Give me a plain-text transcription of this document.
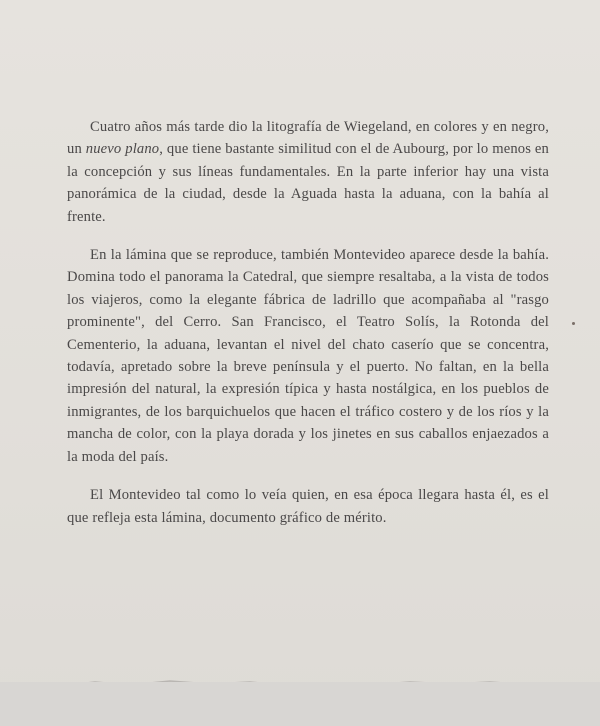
Cuatro años más tarde dio la litografía de Wiegeland, en colores y en negro, un nuevo plano, que tiene bastante similitud con el de Aubourg, por lo menos en la concepción y sus líneas fundamentales. En la parte inferior hay una vista panorámica de la ciudad, desde la Aguada hasta la aduana, con la bahía al frente.

En la lámina que se reproduce, también Montevideo aparece desde la bahía. Domina todo el panorama la Catedral, que siempre resaltaba, a la vista de todos los viajeros, como la elegante fábrica de ladrillo que acompañaba al "rasgo prominente", del Cerro. San Francisco, el Teatro Solís, la Rotonda del Cementerio, la aduana, levantan el nivel del chato caserío que se concentra, todavía, apretado sobre la breve península y el puerto. No faltan, en la bella impresión del natural, la expresión típica y hasta nostálgica, en los pueblos de inmigrantes, de los barquichuelos que hacen el tráfico costero y de los ríos y la mancha de color, con la playa dorada y los jinetes en sus caballos enjaezados a la moda del país.

El Montevideo tal como lo veía quien, en esa época llegara hasta él, es el que refleja esta lámina, documento gráfico de mérito.
